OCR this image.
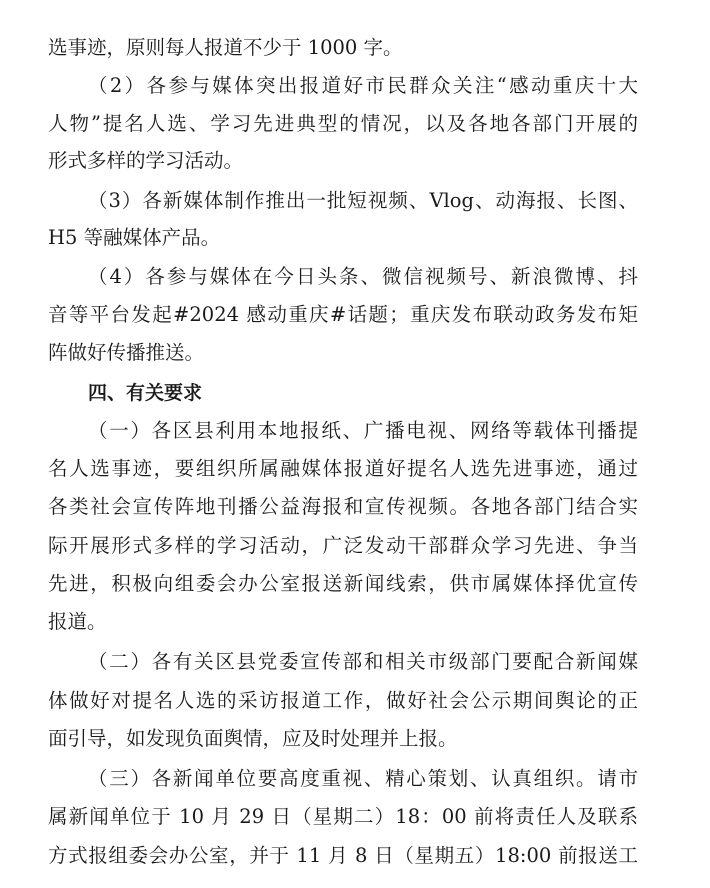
选事迹，原则每人报道不少于 1000 字。
（2）各参与媒体突出报道好市民群众关注“感动重庆十大
人物”提名人选、学习先进典型的情况，以及各地各部门开展的
形式多样的学习活动。
（3）各新媒体制作推出一批短视频、Vlog、动海报、长图、
H5 等融媒体产品。
（4）各参与媒体在今日头条、微信视频号、新浪微博、抖
音等平台发起#2024 感动重庆#话题；重庆发布联动政务发布矩
阵做好传播推送。
四、有关要求
（一）各区县利用本地报纸、广播电视、网络等载体刊播提
名人选事迹，要组织所属融媒体报道好提名人选先进事迹，通过
各类社会宣传阵地刊播公益海报和宣传视频。各地各部门结合实
际开展形式多样的学习活动，广泛发动干部群众学习先进、争当
先进，积极向组委会办公室报送新闻线索，供市属媒体择优宣传
报道。
（二）各有关区县党委宣传部和相关市级部门要配合新闻媒
体做好对提名人选的采访报道工作，做好社会公示期间舆论的正
面引导，如发现负面舆情，应及时处理并上报。
（三）各新闻单位要高度重视、精心策划、认真组织。请市
属新闻单位于 10 月 29 日（星期二）18：00 前将责任人及联系
方式报组委会办公室，并于 11 月 8 日（星期五）18:00 前报送工
